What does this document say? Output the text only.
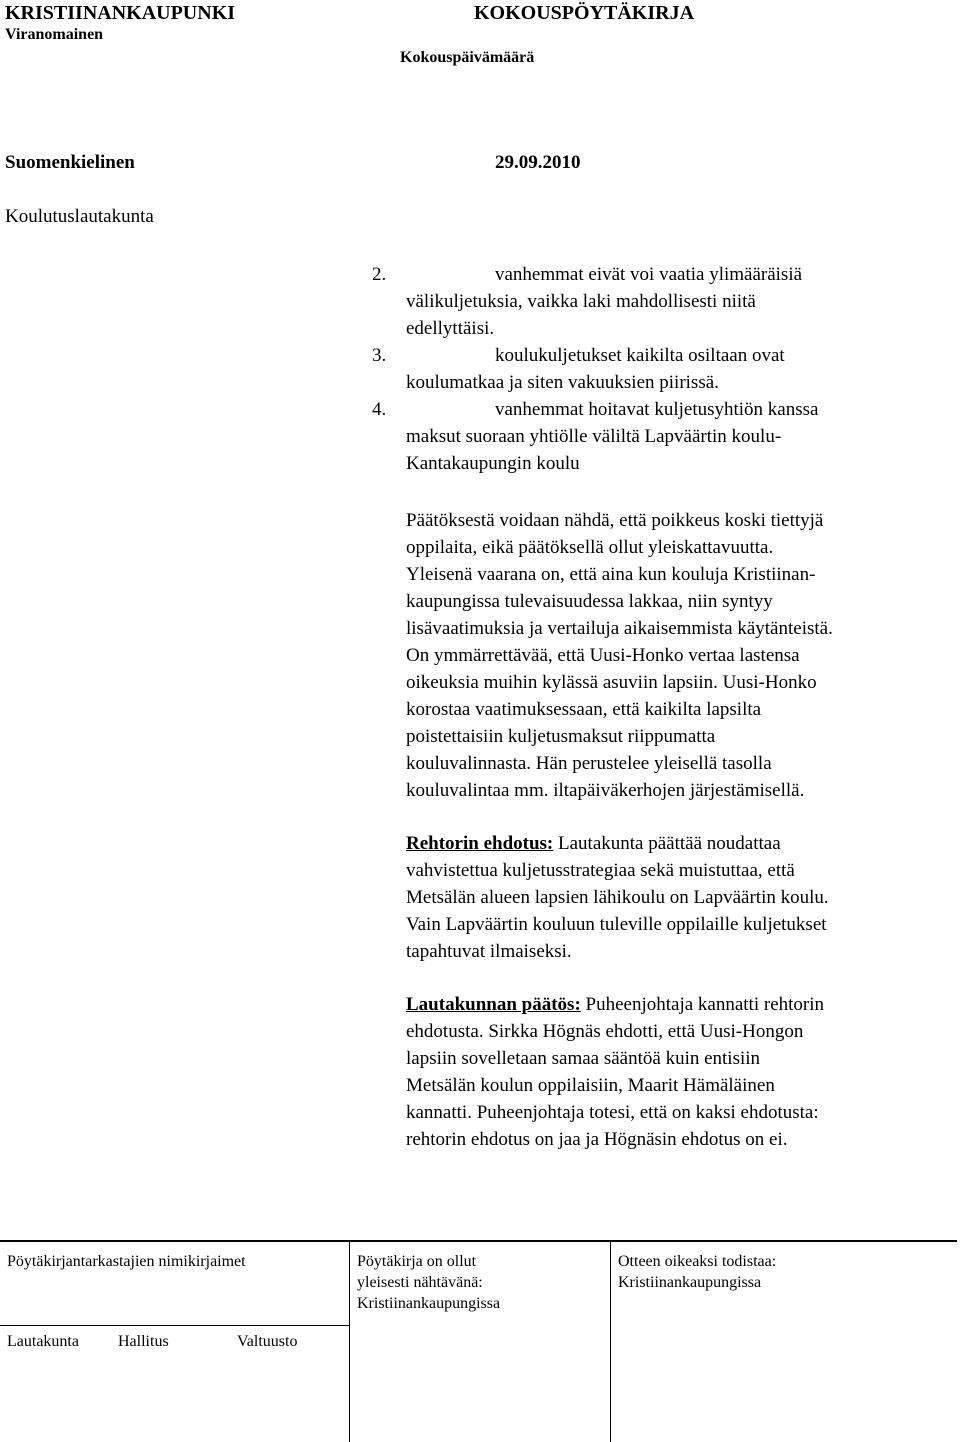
KRISTIINANKAUPUNKI
Viranomainen
KOKOUSPÖYTÄKIRJA
Kokouspäivämäärä
Suomenkielinen	29.09.2010
Koulutuslautakunta
2.	vanhemmat eivät voi vaatia ylimääräisiä
välikuljetuksia, vaikka laki mahdollisesti niitä
edellyttäisi.
3.	koulukuljetukset kaikilta osiltaan ovat
koulumatkaa ja siten vakuuksien piirissä.
4.	vanhemmat hoitavat kuljetusyhtiön kanssa
maksut suoraan yhtiölle väliltä Lapväärtin koulu-
Kantakaupungin koulu
Päätöksestä voidaan nähdä, että poikkeus koski tiettyjä
oppilaita, eikä päätöksellä ollut yleiskattavuutta.
Yleisenä vaarana on, että aina kun kouluja Kristiinan-
kaupungissa tulevaisuudessa lakkaa, niin syntyy
lisävaatimuksia ja vertailuja aikaisemmista käytänteistä.
On ymmärrettävää, että Uusi-Honko vertaa lastensa
oikeuksia muihin kylässä asuviin lapsiin. Uusi-Honko
korostaa vaatimuksessaan, että kaikilta lapsilta
poistettaisiin kuljetusmaksut riippumatta
kouluvalinnasta. Hän perustelee yleisellä tasolla
kouluvalintaa mm. iltapäiväkerhojen järjestämisellä.
Rehtorin ehdotus: Lautakunta päättää noudattaa
vahvistettua kuljetusstrategiaa sekä muistuttaa, että
Metsälän alueen lapsien lähikoulu on Lapväärtin koulu.
Vain Lapväärtin kouluun tuleville oppilaille kuljetukset
tapahtuvat ilmaiseksi.
Lautakunnan päätös: Puheenjohtaja kannatti rehtorin
ehdotusta. Sirkka Högnäs ehdotti, että Uusi-Hongon
lapsiin sovelletaan samaa sääntöä kuin entisiin
Metsälän koulun oppilaisiin, Maarit Hämäläinen
kannatti. Puheenjohtaja totesi, että on kaksi ehdotusta:
rehtorin ehdotus on jaa ja Högnäsin ehdotus on ei.
Pöytäkirjantarkastajien nimikirjaimet	Pöytäkirja on ollut
yleisesti nähtävänä:
Kristiinankaupungissa
Otteen oikeaksi todistaa:
Kristiinankaupungissa
Lautakunta Hallitus	Valtuusto
